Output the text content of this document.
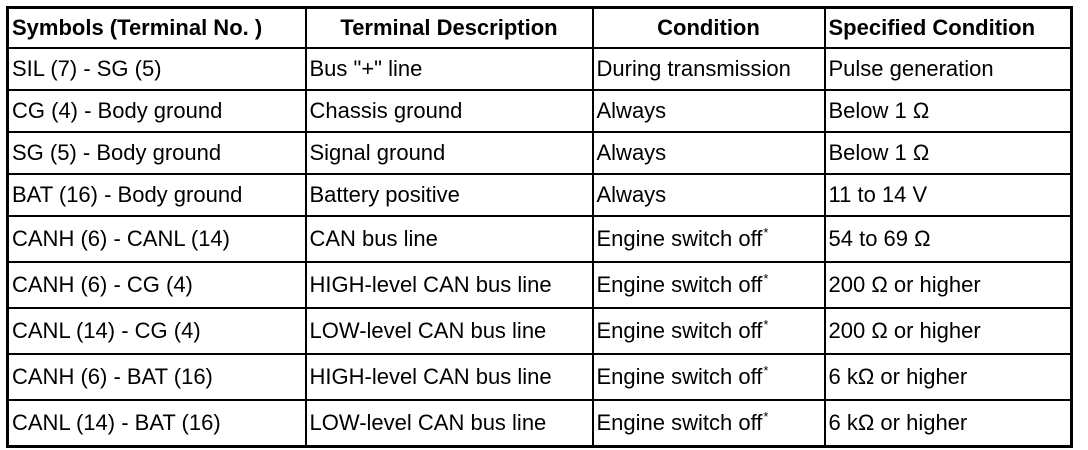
Symbols (Terminal No. )	Terminal Description	Condition	Specified Condition
SIL (7) - SG (5)	Bus "+" line	During transmission	Pulse generation
CG (4) - Body ground	Chassis ground	Always	Below 1 Ω
SG (5) - Body ground	Signal ground	Always	Below 1 Ω
BAT (16) - Body ground	Battery positive	Always	11 to 14 V
CANH (6) - CANL (14)	CAN bus line	Engine switch off*	54 to 69 Ω
CANH (6) - CG (4)	HIGH-level CAN bus line	Engine switch off*	200 Ω or higher
CANL (14) - CG (4)	LOW-level CAN bus line	Engine switch off*	200 Ω or higher
CANH (6) - BAT (16)	HIGH-level CAN bus line	Engine switch off*	6 kΩ or higher
CANL (14) - BAT (16)	LOW-level CAN bus line	Engine switch off*	6 kΩ or higher
